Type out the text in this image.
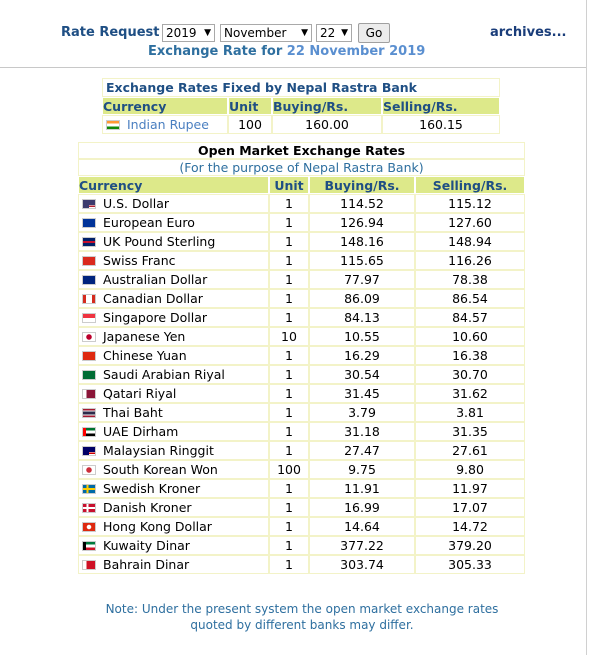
Rate Request 2019 ▼	November ▼	22 ▼	Go	archives...
Exchange Rate for 22 November 2019
Exchange Rates Fixed by Nepal Rastra Bank			
Currency	Unit	Buying/Rs.	Selling/Rs.
Indian Rupee	100	160.00	160.15
Open Market Exchange Rates			
(For the purpose of Nepal Rastra Bank)			
Currency	Unit	Buying/Rs.	Selling/Rs.
U.S. Dollar	1	114.52	115.12
European Euro	1	126.94	127.60
UK Pound Sterling	1	148.16	148.94
Swiss Franc	1	115.65	116.26
Australian Dollar	1	77.97	78.38
Canadian Dollar	1	86.09	86.54
Singapore Dollar	1	84.13	84.57
Japanese Yen	10	10.55	10.60
Chinese Yuan	1	16.29	16.38
Saudi Arabian Riyal	1	30.54	30.70
Qatari Riyal	1	31.45	31.62
Thai Baht	1	3.79	3.81
UAE Dirham	1	31.18	31.35
Malaysian Ringgit	1	27.47	27.61
South Korean Won	100	9.75	9.80
Swedish Kroner	1	11.91	11.97
Danish Kroner	1	16.99	17.07
Hong Kong Dollar	1	14.64	14.72
Kuwaity Dinar	1	377.22	379.20
Bahrain Dinar	1	303.74	305.33
Note: Under the present system the open market exchange rates
quoted by different banks may differ.
